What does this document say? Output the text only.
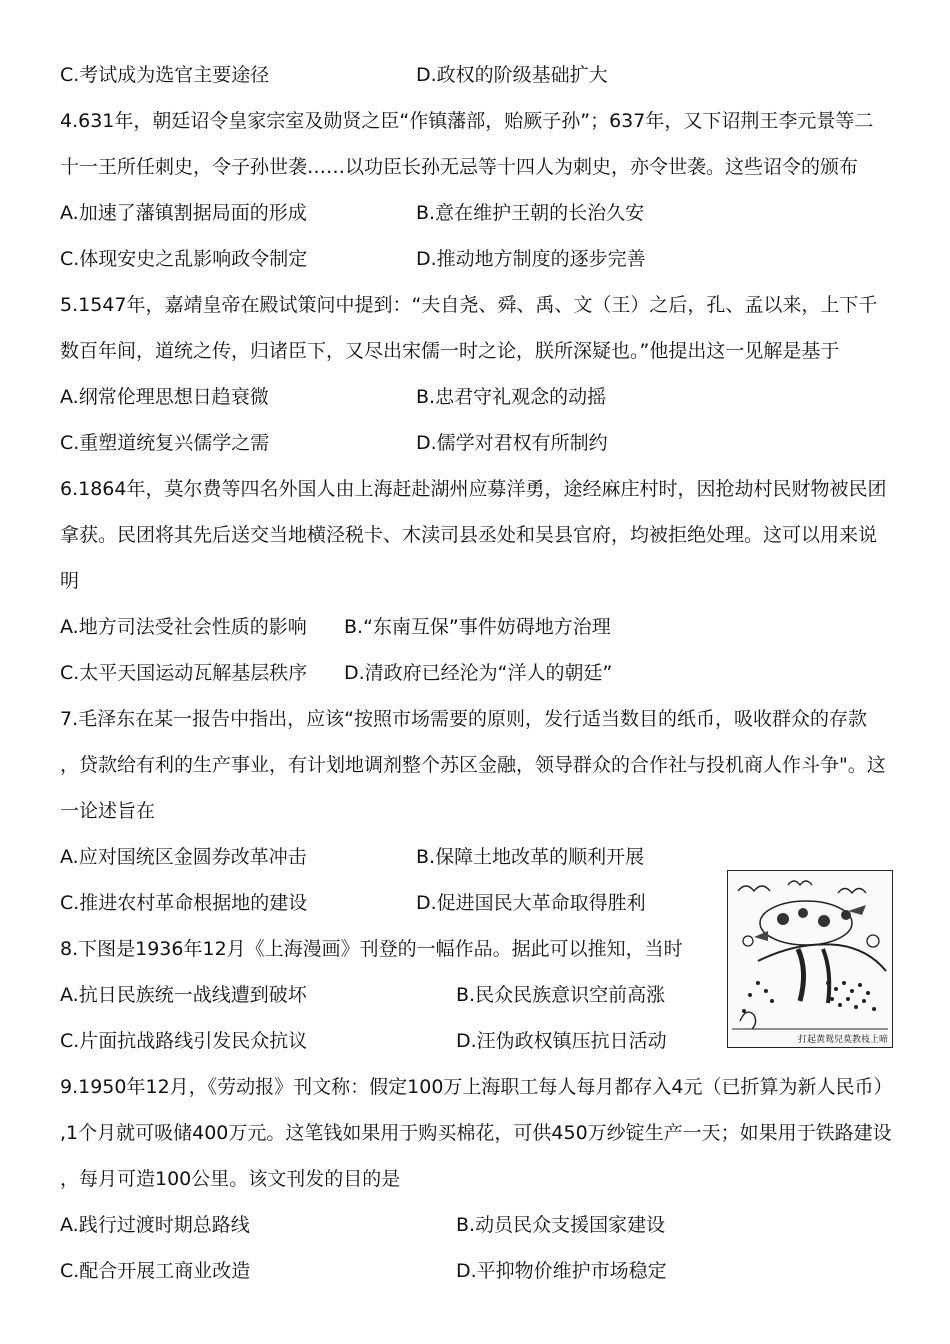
C.考试成为选官主要途径	D.政权的阶级基础扩大
4.631年，朝廷诏令皇家宗室及勋贤之臣“作镇藩部，贻厥子孙”；637年，又下诏荆王李元景等二
十一王所任刺史，令子孙世袭……以功臣长孙无忌等十四人为刺史，亦令世袭。这些诏令的颁布
A.加速了藩镇割据局面的形成	B.意在维护王朝的长治久安
C.体现安史之乱影响政令制定	D.推动地方制度的逐步完善
5.1547年，嘉靖皇帝在殿试策问中提到：“夫自尧、舜、禹、文（王）之后，孔、孟以来，上下千
数百年间，道统之传，归诸臣下，又尽出宋儒一时之论，朕所深疑也。”他提出这一见解是基于
A.纲常伦理思想日趋衰微	B.忠君守礼观念的动摇
C.重塑道统复兴儒学之需	D.儒学对君权有所制约
6.1864年，莫尔费等四名外国人由上海赶赴湖州应募洋勇，途经麻庄村时，因抢劫村民财物被民团
拿获。民团将其先后送交当地横泾税卡、木渎司县丞处和吴县官府，均被拒绝处理。这可以用来说
明
A.地方司法受社会性质的影响 B.“东南互保”事件妨碍地方治理
C.太平天国运动瓦解基层秩序 D.清政府已经沦为“洋人的朝廷”
7.毛泽东在某一报告中指出，应该“按照市场需要的原则，发行适当数目的纸币，吸收群众的存款
，贷款给有利的生产事业，有计划地调剂整个苏区金融，领导群众的合作社与投机商人作斗争"。这
一论述旨在
A.应对国统区金圆券改革冲击	B.保障土地改革的顺利开展
C.推进农村革命根据地的建设	D.促进国民大革命取得胜利
8.下图是1936年12月《上海漫画》刊登的一幅作品。据此可以推知，当时
A.抗日民族统一战线遭到破坏	B.民众民族意识空前高涨
C.片面抗战路线引发民众抗议	D.汪伪政权镇压抗日活动	打起黄鸳兒莫教枝上啼
9.1950年12月，《劳动报》刊文称：假定100万上海职工每人每月都存入4元（已折算为新人民币）
,1个月就可吸储400万元。这笔钱如果用于购买棉花，可供450万纱锭生产一天；如果用于铁路建设
，每月可造100公里。该文刊发的目的是
A.践行过渡时期总路线	B.动员民众支援国家建设
C.配合开展工商业改造	D.平抑物价维护市场稳定
